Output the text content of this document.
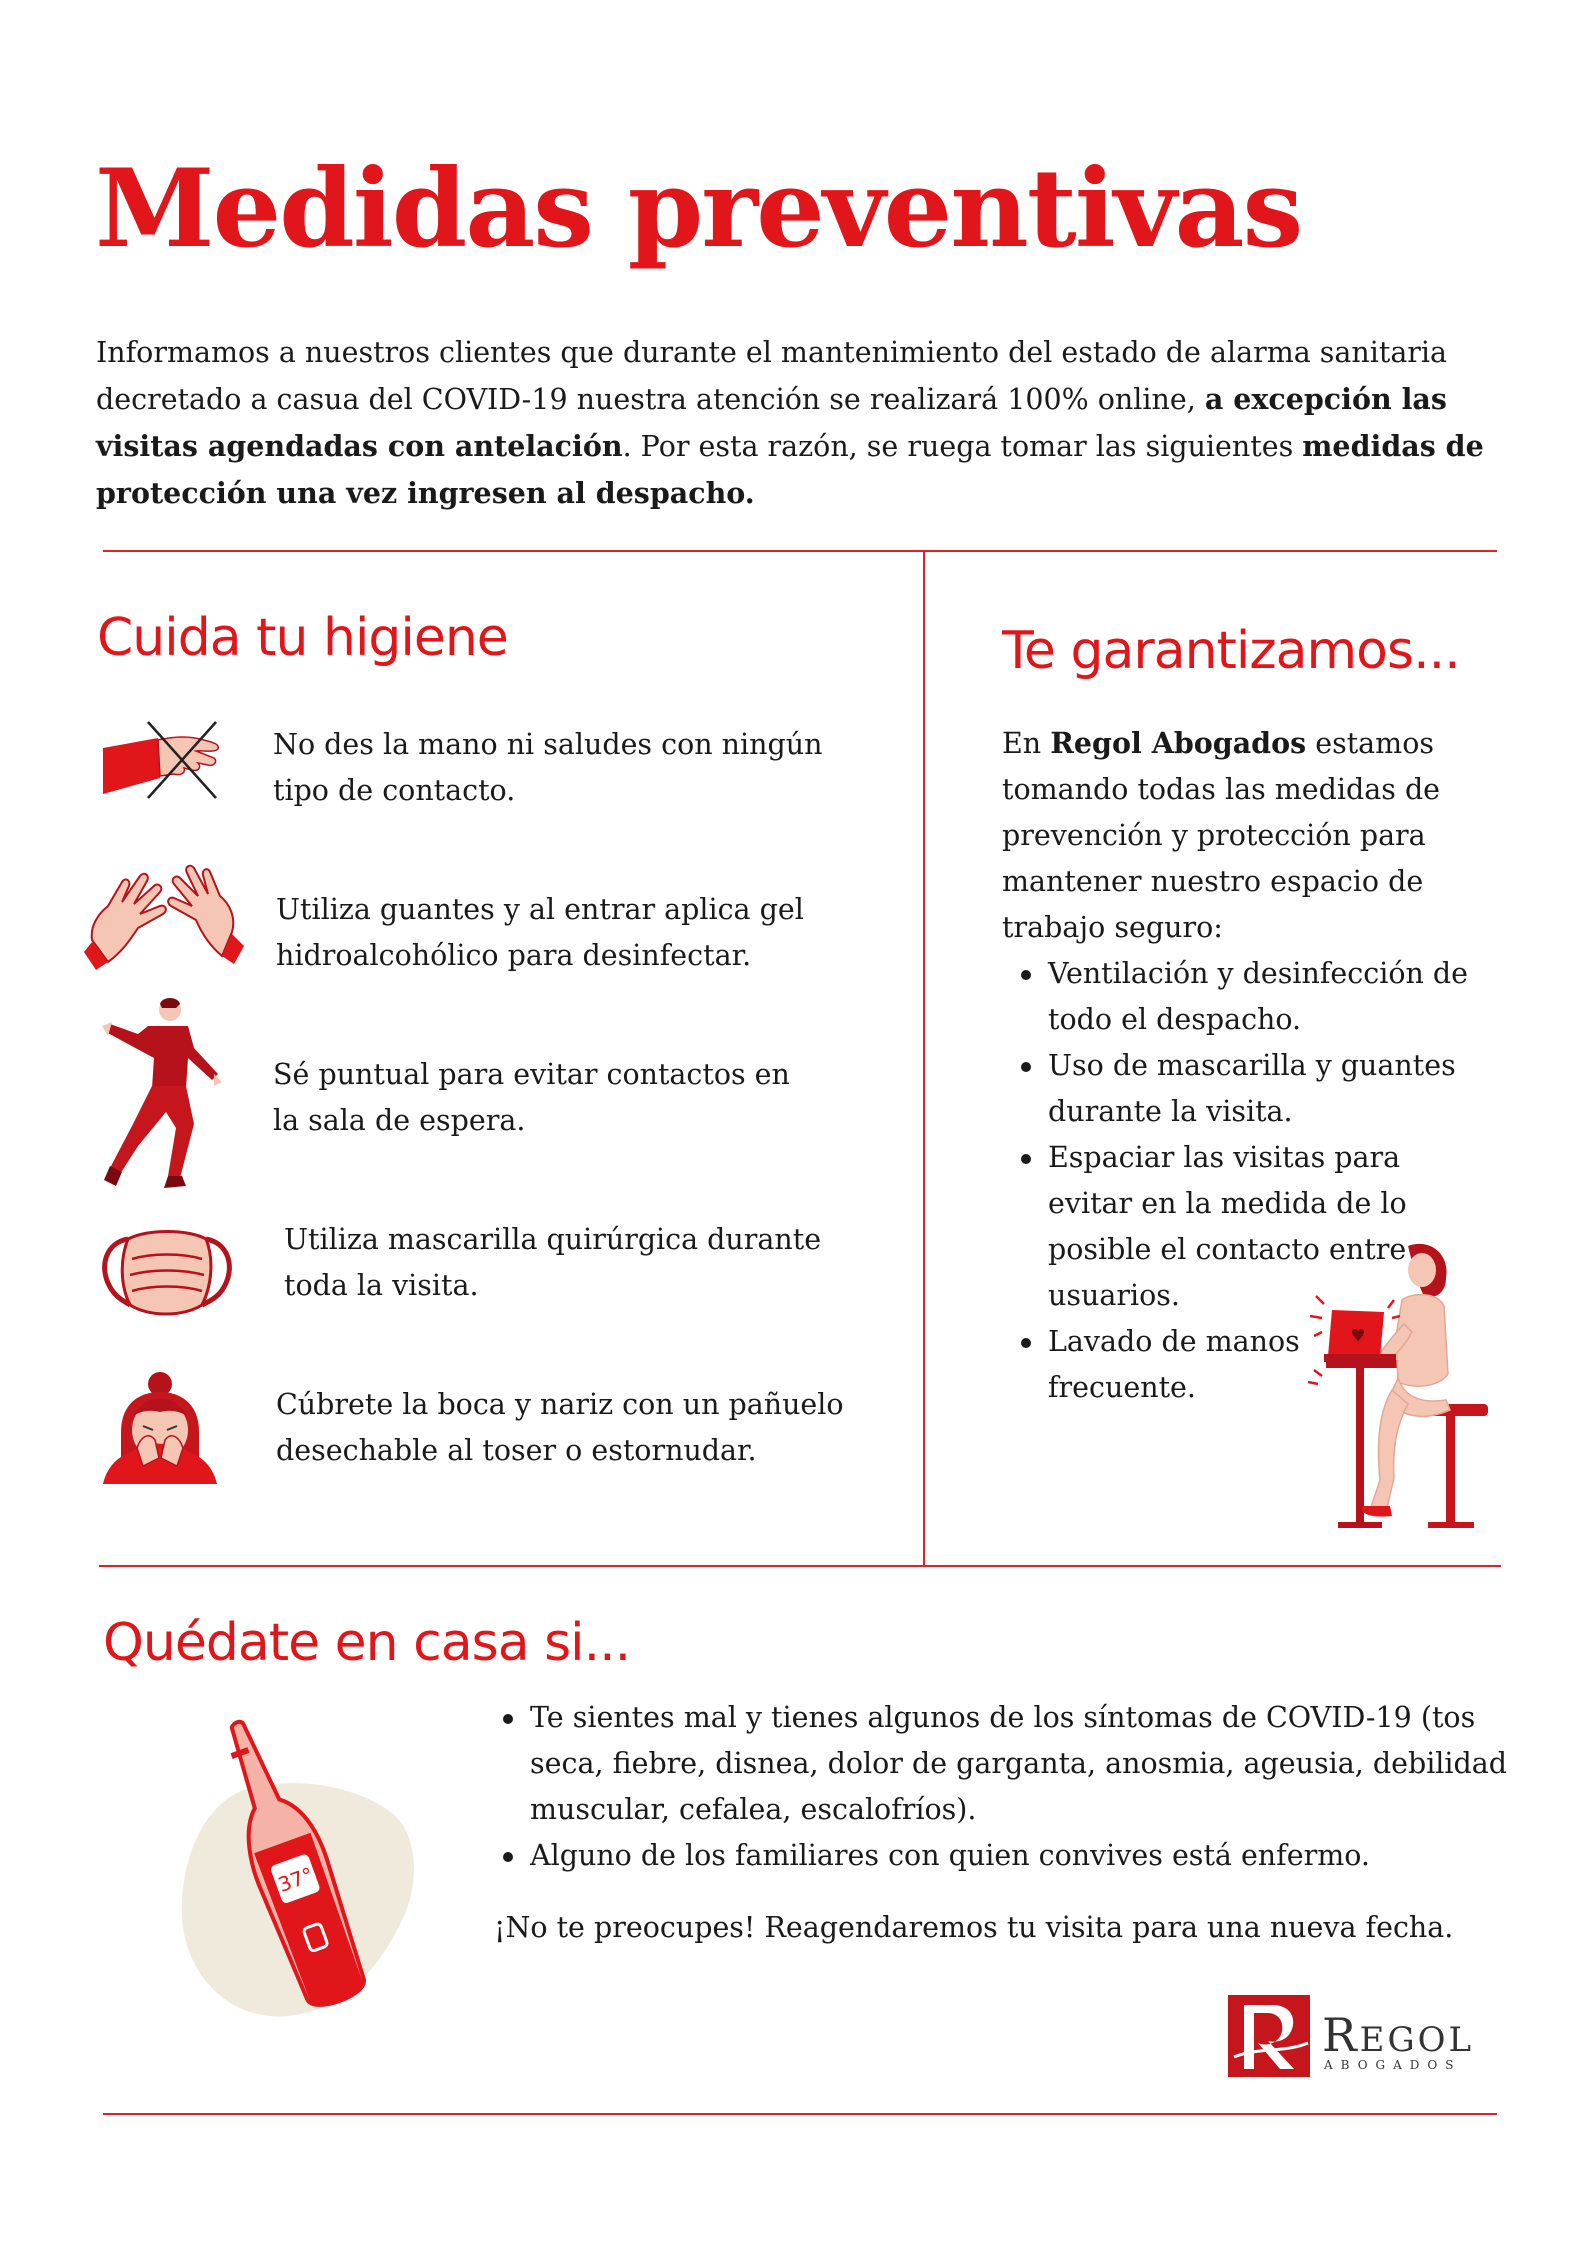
Medidas preventivas
Informamos a nuestros clientes que durante el mantenimiento del estado de alarma sanitaria decretado a casua del COVID-19 nuestra atención se realizará 100% online, a excepción las visitas agendadas con antelación. Por esta razón, se ruega tomar las siguientes medidas de protección una vez ingresen al despacho.
Cuida tu higiene
No des la mano ni saludes con ningún tipo de contacto.
Utiliza guantes y al entrar aplica gel hidroalcohólico para desinfectar.
Sé puntual para evitar contactos en la sala de espera.
Utiliza mascarilla quirúrgica durante toda la visita.
Cúbrete la boca y nariz con un pañuelo desechable al toser o estornudar.
Te garantizamos...
En Regol Abogados estamos tomando todas las medidas de prevención y protección para mantener nuestro espacio de trabajo seguro:
Ventilación y desinfección de todo el despacho.
Uso de mascarilla y guantes durante la visita.
Espaciar las visitas para evitar en la medida de lo posible el contacto entre usuarios.
Lavado de manos frecuente.
Quédate en casa si...
37°
Te sientes mal y tienes algunos de los síntomas de COVID-19 (tos seca, fiebre, disnea, dolor de garganta, anosmia, ageusia, debilidad muscular, cefalea, escalofríos).
Alguno de los familiares con quien convives está enfermo.
¡No te preocupes! Reagendaremos tu visita para una nueva fecha.
REGOL
ABOGADOS
